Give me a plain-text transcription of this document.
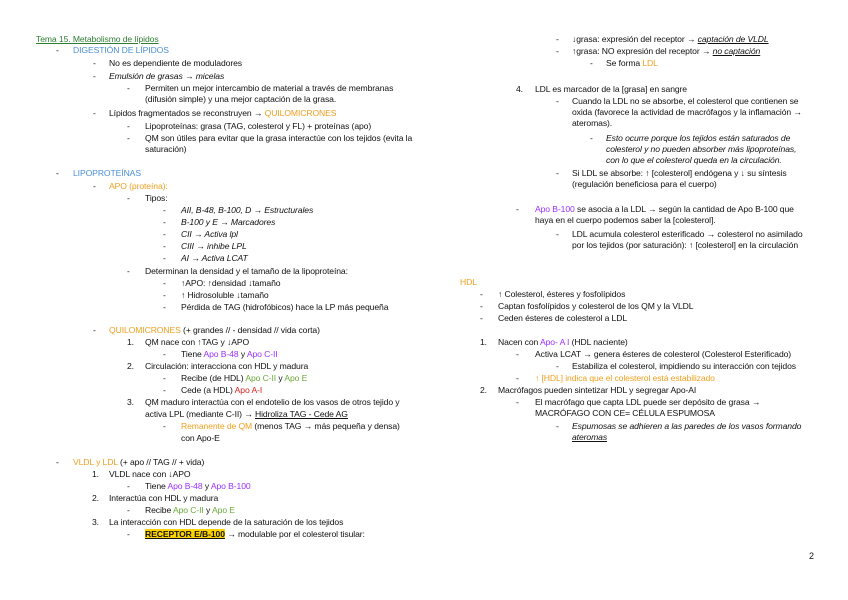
Tema 15. Metabolismo de lípidos
- DIGESTIÓN DE LÍPIDOS
- No es dependiente de moduladores
- Emulsión de grasas → micelas
- Permiten un mejor intercambio de material a través de membranas (difusión simple) y una mejor captación de la grasa.
- Lípidos fragmentados se reconstruyen → QUILOMICRONES
- Lipoproteínas: grasa (TAG, colesterol y FL) + proteínas (apo)
- QM son útiles para evitar que la grasa interactúe con los tejidos (evita la saturación)
- LIPOPROTEÍNAS
- APO (proteína):
- Tipos:
- AII, B-48, B-100, D → Estructurales
- B-100 y E → Marcadores
- CII → Activa lpl
- CIII → inhibe LPL
- AI → Activa LCAT
- Determinan la densidad y el tamaño de la lipoproteína:
- ↑APO: ↑densidad ↓tamaño
- ↑ Hidrosoluble ↓tamaño
- Pérdida de TAG (hidrofóbicos) hace la LP más pequeña
- QUILOMICRONES (+ grandes // - densidad // vida corta)
1. QM nace con ↑TAG y ↓APO
- Tiene Apo B-48 y Apo C-II
2. Circulación: interacciona con HDL y madura
- Recibe (de HDL) Apo C-II y Apo E
- Cede (a HDL) Apo A-I
3. QM maduro interactúa con el endotelio de los vasos de otros tejido y
activa LPL (mediante C-II) → Hidroliza TAG - Cede AG
- Remanente de QM (menos TAG → más pequeña y densa)
con Apo-E
- VLDL y LDL (+ apo // TAG // + vida)
1. VLDL nace con ↓APO
- Tiene Apo B-48 y Apo B-100
2. Interactúa con HDL y madura
- Recibe Apo C-II y Apo E
3. La interacción con HDL depende de la saturación de los tejidos
- RECEPTOR E/B-100 → modulable por el colesterol tisular:
- ↓grasa: expresión del receptor → captación de VLDL
- ↑grasa: NO expresión del receptor → no captación
- Se forma LDL
4. LDL es marcador de la [grasa] en sangre
- Cuando la LDL no se absorbe, el colesterol que contienen se oxida (favorece la actividad de macrófagos y la inflamación → ateromas).
- Esto ocurre porque los tejidos están saturados de colesterol y no pueden absorber más lipoproteínas, con lo que el colesterol queda en la circulación.
- Si LDL se absorbe: ↑ [colesterol] endógena y ↓ su síntesis (regulación beneficiosa para el cuerpo)
- Apo B-100 se asocia a la LDL → según la cantidad de Apo B-100 que haya en el cuerpo podemos saber la [colesterol].
- LDL acumula colesterol esterificado → colesterol no asimilado por los tejidos (por saturación): ↑ [colesterol] en la circulación
HDL
- ↑ Colesterol, ésteres y fosfolípidos
- Captan fosfolípidos y colesterol de los QM y la VLDL
- Ceden ésteres de colesterol a LDL
1. Nacen con Apo- A I (HDL naciente)
- Activa LCAT → genera ésteres de colesterol (Colesterol Esterificado)
- Estabiliza el colesterol, impidiendo su interacción con tejidos
- ↑ [HDL] indica que el colesterol está estabilizado
2. Macrófagos pueden sintetizar HDL y segregar Apo-AI
- El macrófago que capta LDL puede ser depósito de grasa → MACRÓFAGO CON CE= CÉLULA ESPUMOSA
- Espumosas se adhieren a las paredes de los vasos formando ateromas
2
